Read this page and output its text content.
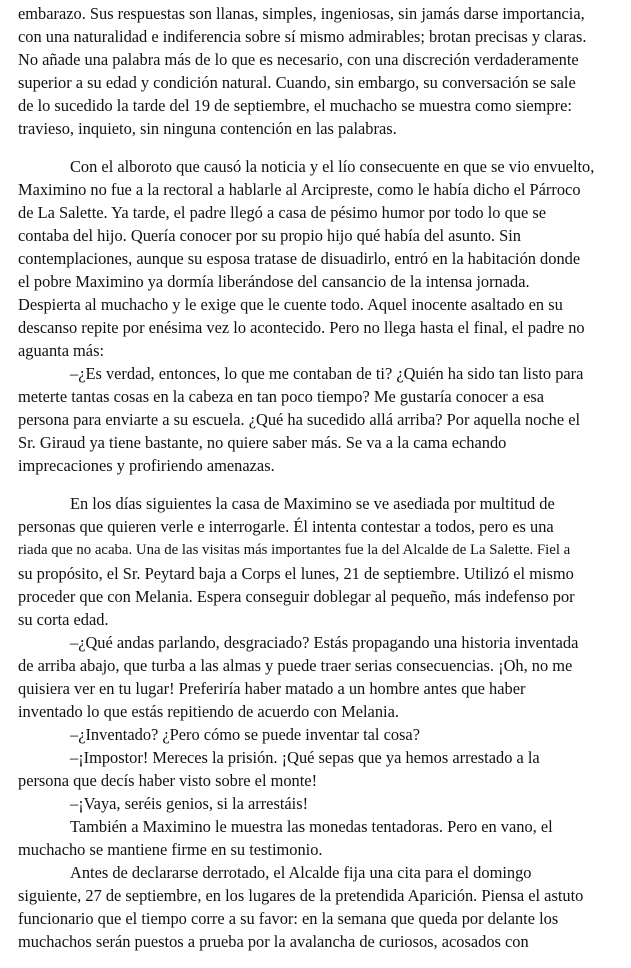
embarazo. Sus respuestas son llanas, simples, ingeniosas, sin jamás darse importancia,
con una naturalidad e indiferencia sobre sí mismo admirables; brotan precisas y claras.
No añade una palabra más de lo que es necesario, con una discreción verdaderamente
superior a su edad y condición natural. Cuando, sin embargo, su conversación se sale
de lo sucedido la tarde del 19 de septiembre, el muchacho se muestra como siempre:
travieso, inquieto, sin ninguna contención en las palabras.
Con el alboroto que causó la noticia y el lío consecuente en que se vio envuelto,
Maximino no fue a la rectoral a hablarle al Arcipreste, como le había dicho el Párroco
de La Salette. Ya tarde, el padre llegó a casa de pésimo humor por todo lo que se
contaba del hijo. Quería conocer por su propio hijo qué había del asunto. Sin
contemplaciones, aunque su esposa tratase de disuadirlo, entró en la habitación donde
el pobre Maximino ya dormía liberándose del cansancio de la intensa jornada.
Despierta al muchacho y le exige que le cuente todo. Aquel inocente asaltado en su
descanso repite por enésima vez lo acontecido. Pero no llega hasta el final, el padre no
aguanta más:
–¿Es verdad, entonces, lo que me contaban de ti? ¿Quién ha sido tan listo para
meterte tantas cosas en la cabeza en tan poco tiempo? Me gustaría conocer a esa
persona para enviarte a su escuela. ¿Qué ha sucedido allá arriba? Por aquella noche el
Sr. Giraud ya tiene bastante, no quiere saber más. Se va a la cama echando
imprecaciones y profiriendo amenazas.
En los días siguientes la casa de Maximino se ve asediada por multitud de
personas que quieren verle e interrogarle. Él intenta contestar a todos, pero es una
riada que no acaba. Una de las visitas más importantes fue la del Alcalde de La Salette. Fiel a
su propósito, el Sr. Peytard baja a Corps el lunes, 21 de septiembre. Utilizó el mismo
proceder que con Melania. Espera conseguir doblegar al pequeño, más indefenso por
su corta edad.
–¿Qué andas parlando, desgraciado? Estás propagando una historia inventada
de arriba abajo, que turba a las almas y puede traer serias consecuencias. ¡Oh, no me
quisiera ver en tu lugar! Preferiría haber matado a un hombre antes que haber
inventado lo que estás repitiendo de acuerdo con Melania.
–¿Inventado? ¿Pero cómo se puede inventar tal cosa?
–¡Impostor! Mereces la prisión. ¡Qué sepas que ya hemos arrestado a la
persona que decís haber visto sobre el monte!
–¡Vaya, seréis genios, si la arrestáis!
También a Maximino le muestra las monedas tentadoras. Pero en vano, el
muchacho se mantiene firme en su testimonio.
Antes de declararse derrotado, el Alcalde fija una cita para el domingo
siguiente, 27 de septiembre, en los lugares de la pretendida Aparición. Piensa el astuto
funcionario que el tiempo corre a su favor: en la semana que queda por delante los
muchachos serán puestos a prueba por la avalancha de curiosos, acosados con
